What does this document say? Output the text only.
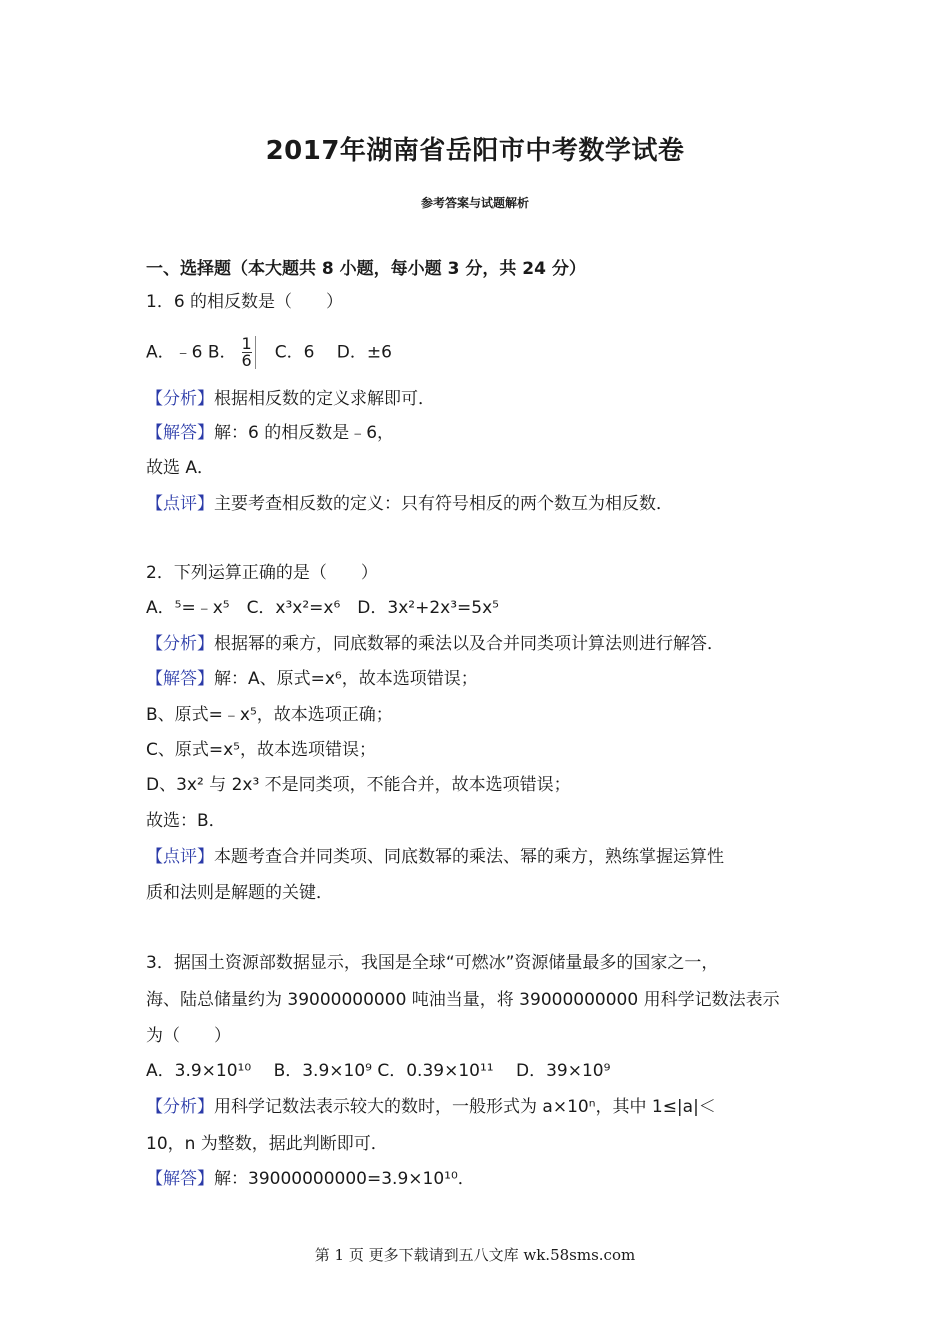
2017年湖南省岳阳市中考数学试卷
参考答案与试题解析
一、选择题（本大题共 8 小题，每小题 3 分，共 24 分）
1．6 的相反数是（　　）
A．﹣6 B． $\frac{1}{6}$ 　C．6　 D．±6
【分析】根据相反数的定义求解即可．
【解答】解：6 的相反数是﹣6，
故选 A．
【点评】主要考查相反数的定义：只有符号相反的两个数互为相反数．
2．下列运算正确的是（　　）
A．⁵=﹣x⁵　C．x³x²=x⁶　D．3x²+2x³=5x⁵
【分析】根据幂的乘方，同底数幂的乘法以及合并同类项计算法则进行解答．
【解答】解：A、原式=x⁶，故本选项错误；
B、原式=﹣x⁵，故本选项正确；
C、原式=x⁵，故本选项错误；
D、3x² 与 2x³ 不是同类项，不能合并，故本选项错误；
故选：B．
【点评】本题考查合并同类项、同底数幂的乘法、幂的乘方，熟练掌握运算性
质和法则是解题的关键．
3．据国土资源部数据显示，我国是全球“可燃冰”资源储量最多的国家之一，
海、陆总储量约为 39000000000 吨油当量，将 39000000000 用科学记数法表示
为（　　）
A．3.9×10¹⁰　 B．3.9×10⁹ C．0.39×10¹¹　 D．39×10⁹
【分析】用科学记数法表示较大的数时，一般形式为 a×10ⁿ，其中 1≤|a|＜
10，n 为整数，据此判断即可．
【解答】解：39000000000=3.9×10¹⁰．
第 1 页 更多下载请到五八文库 wk.58sms.com
